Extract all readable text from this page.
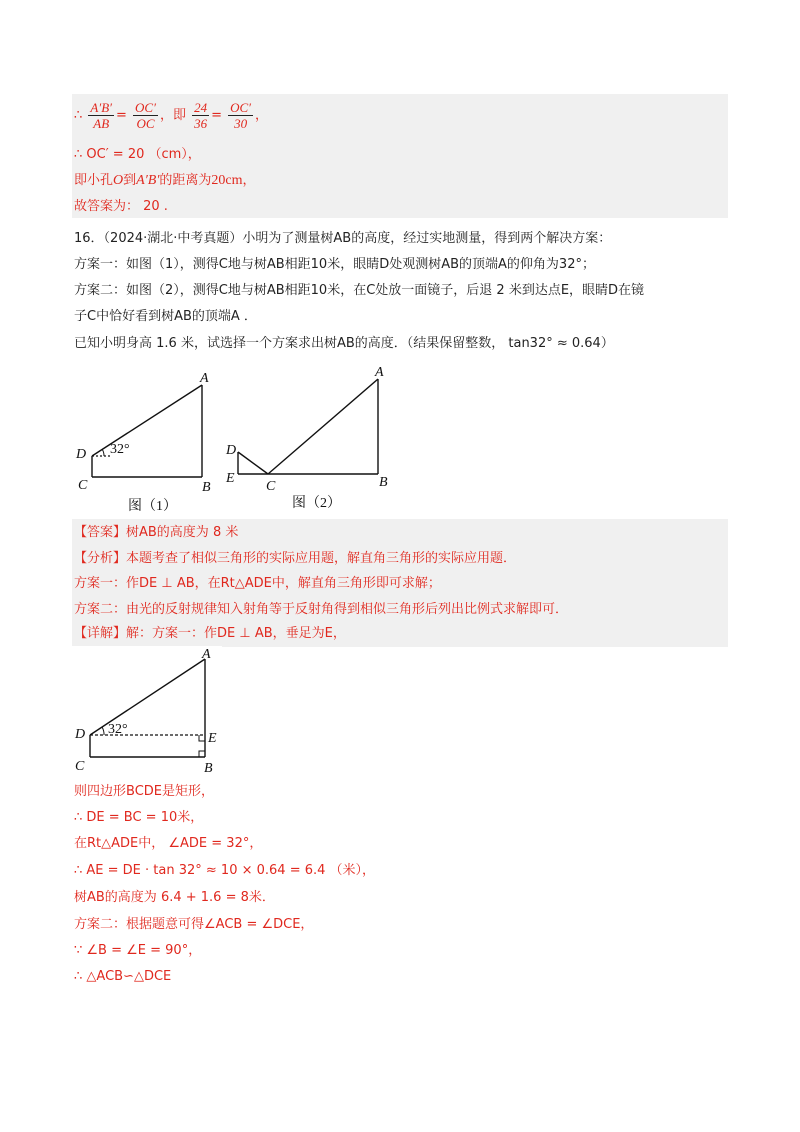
∴ $\frac{A'B'}{AB} = \frac{OC'}{OC}$ ，即 $\frac{24}{36} = \frac{OC'}{30}$ ，
∴ OC′ = 20 （cm），
即小孔O到A′B′的距离为20cm，
故答案为： 20 .
16．（2024·湖北·中考真题）小明为了测量树AB的高度，经过实地测量，得到两个解决方案：
方案一：如图（1），测得C地与树AB相距10米，眼睛D处观测树AB的顶端A的仰角为32°；
方案二：如图（2），测得C地与树AB相距10米，在C处放一面镜子，后退 2 米到达点E，眼睛D在镜
子C中恰好看到树AB的顶端A ．
已知小明身高 1.6 米，试选择一个方案求出树AB的高度．（结果保留整数， tan32° ≈ 0.64）
A
B
C
D 32°
图（1）
A
B
C
D
E
图（2）
【答案】树AB的高度为 8 米
【分析】本题考查了相似三角形的实际应用题，解直角三角形的实际应用题．
方案一：作DE ⊥ AB，在Rt△ADE中，解直角三角形即可求解；
方案二：由光的反射规律知入射角等于反射角得到相似三角形后列出比例式求解即可．
【详解】解：方案一：作DE ⊥ AB，垂足为E，
A
B
C
D	E
32°
则四边形BCDE是矩形，
∴ DE = BC = 10米，
在Rt△ADE中， ∠ADE = 32°，
∴ AE = DE · tan 32° ≈ 10 × 0.64 = 6.4 （米），
树AB的高度为 6.4 + 1.6 = 8米．
方案二：根据题意可得∠ACB = ∠DCE，
∵ ∠B = ∠E = 90°，
∴ △ACB∽△DCE
